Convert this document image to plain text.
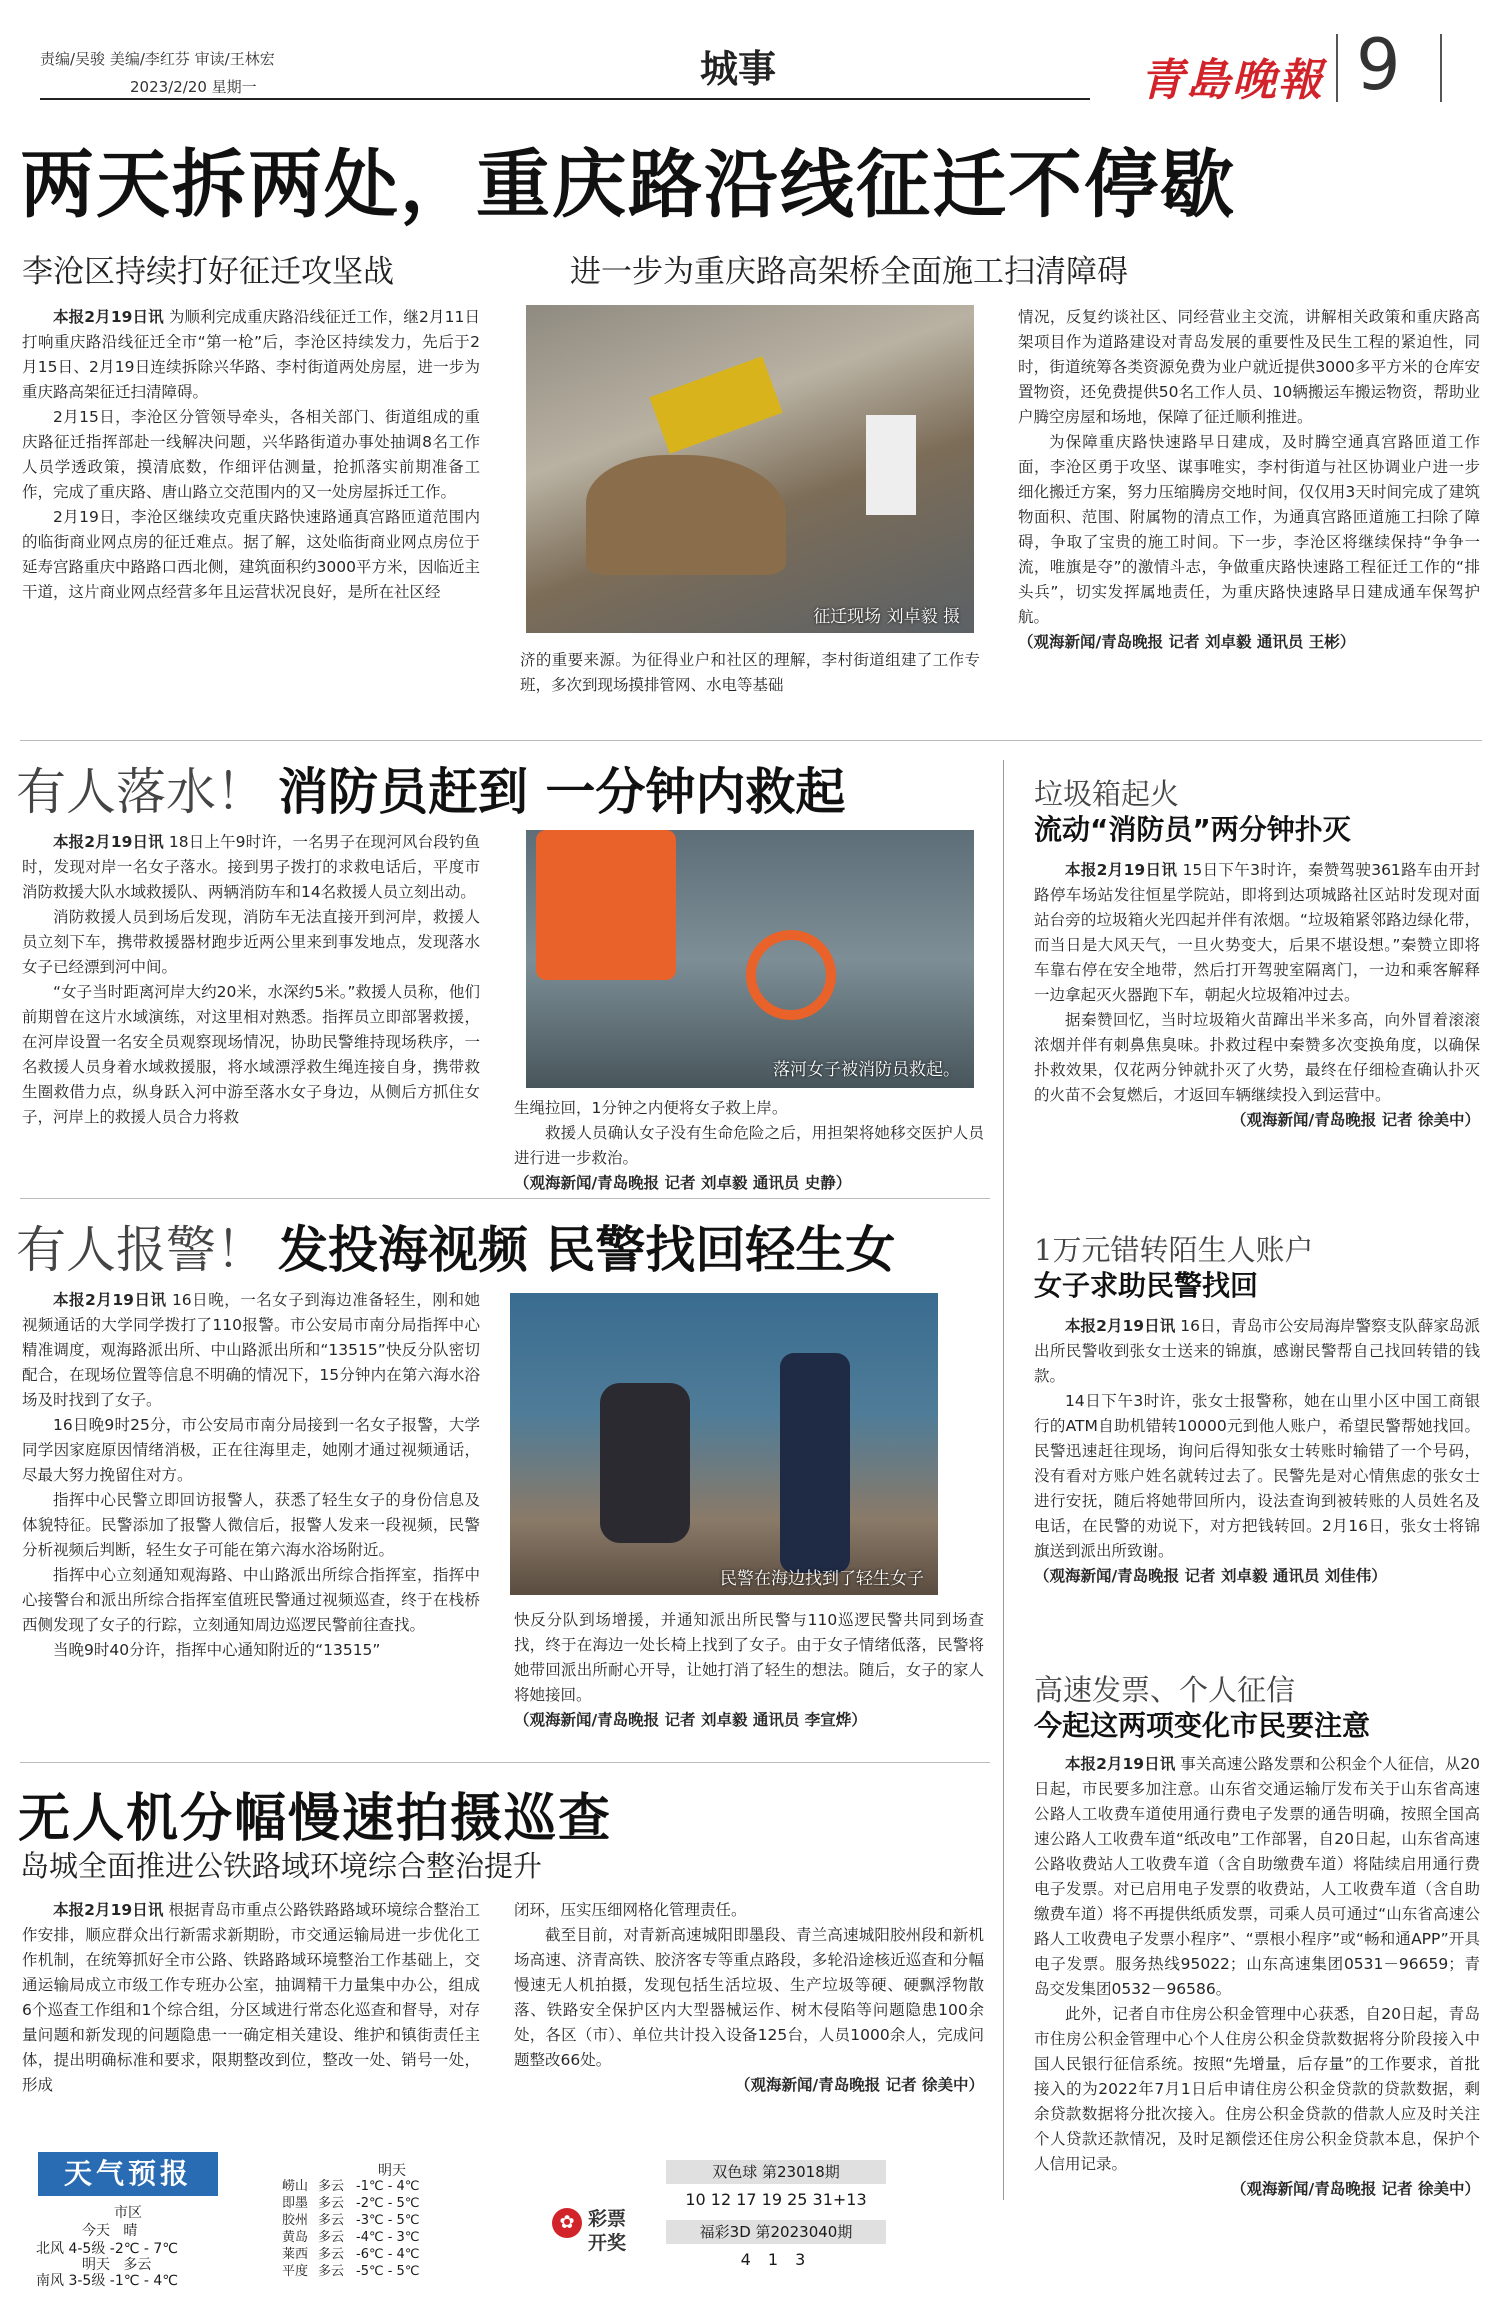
责编/吴骏 美编/李红芬 审读/王林宏
2023/2/20 星期一	城事	青島晚報 9
两天拆两处，重庆路沿线征迁不停歇
李沧区持续打好征迁攻坚战	进一步为重庆路高架桥全面施工扫清障碍

本报2月19日讯 为顺利完成重庆路沿线征迁工作，继2月11日打响重庆路沿线征迁全市“第一枪”后，李沧区持续发力，先后于2月15日、2月19日连续拆除兴华路、李村街道两处房屋，进一步为重庆路高架征迁扫清障碍。

2月15日，李沧区分管领导牵头，各相关部门、街道组成的重庆路征迁指挥部赴一线解决问题，兴华路街道办事处抽调8名工作人员学透政策，摸清底数，作细评估测量，抢抓落实前期准备工作，完成了重庆路、唐山路立交范围内的又一处房屋拆迁工作。

2月19日，李沧区继续攻克重庆路快速路通真宫路匝道范围内的临街商业网点房的征迁难点。据了解，这处临街商业网点房位于延寿宫路重庆中路路口西北侧，建筑面积约3000平方米，因临近主干道，这片商业网点经营多年且运营状况良好，是所在社区经

征迁现场 刘卓毅 摄

济的重要来源。为征得业户和社区的理解，李村街道组建了工作专班，多次到现场摸排管网、水电等基础

情况，反复约谈社区、同经营业主交流，讲解相关政策和重庆路高架项目作为道路建设对青岛发展的重要性及民生工程的紧迫性，同时，街道统筹各类资源免费为业户就近提供3000多平方米的仓库安置物资，还免费提供50名工作人员、10辆搬运车搬运物资，帮助业户腾空房屋和场地，保障了征迁顺利推进。

为保障重庆路快速路早日建成，及时腾空通真宫路匝道工作面，李沧区勇于攻坚、谋事唯实，李村街道与社区协调业户进一步细化搬迁方案，努力压缩腾房交地时间，仅仅用3天时间完成了建筑物面积、范围、附属物的清点工作，为通真宫路匝道施工扫除了障碍，争取了宝贵的施工时间。下一步，李沧区将继续保持“争争一流，唯旗是夺”的激情斗志，争做重庆路快速路工程征迁工作的“排头兵”，切实发挥属地责任，为重庆路快速路早日建成通车保驾护航。

（观海新闻/青岛晚报 记者 刘卓毅 通讯员 王彬）
有人落水！ 消防员赶到 一分钟内救起

本报2月19日讯 18日上午9时许，一名男子在现河风台段钓鱼时，发现对岸一名女子落水。接到男子拨打的求救电话后，平度市消防救援大队水域救援队、两辆消防车和14名救援人员立刻出动。

消防救援人员到场后发现，消防车无法直接开到河岸，救援人员立刻下车，携带救援器材跑步近两公里来到事发地点，发现落水女子已经漂到河中间。

“女子当时距离河岸大约20米，水深约5米。”救援人员称，他们前期曾在这片水域演练，对这里相对熟悉。指挥员立即部署救援，在河岸设置一名安全员观察现场情况，协助民警维持现场秩序，一名救援人员身着水域救援服，将水域漂浮救生绳连接自身，携带救生圈救借力点，纵身跃入河中游至落水女子身边，从侧后方抓住女子，河岸上的救援人员合力将救

落河女子被消防员救起。

生绳拉回，1分钟之内便将女子救上岸。

救援人员确认女子没有生命危险之后，用担架将她移交医护人员进行进一步救治。

（观海新闻/青岛晚报 记者 刘卓毅 通讯员 史静）
垃圾箱起火
流动“消防员”两分钟扑灭

本报2月19日讯 15日下午3时许，秦赞驾驶361路车由开封路停车场站发往恒星学院站，即将到达项城路社区站时发现对面站台旁的垃圾箱火光四起并伴有浓烟。“垃圾箱紧邻路边绿化带，而当日是大风天气，一旦火势变大，后果不堪设想。”秦赞立即将车靠右停在安全地带，然后打开驾驶室隔离门，一边和乘客解释一边拿起灭火器跑下车，朝起火垃圾箱冲过去。

据秦赞回忆，当时垃圾箱火苗蹿出半米多高，向外冒着滚滚浓烟并伴有刺鼻焦臭味。扑救过程中秦赞多次变换角度，以确保扑救效果，仅花两分钟就扑灭了火势，最终在仔细检查确认扑灭的火苗不会复燃后，才返回车辆继续投入到运营中。

（观海新闻/青岛晚报 记者 徐美中）
有人报警！ 发投海视频 民警找回轻生女

本报2月19日讯 16日晚，一名女子到海边准备轻生，刚和她视频通话的大学同学拨打了110报警。市公安局市南分局指挥中心精准调度，观海路派出所、中山路派出所和“13515”快反分队密切配合，在现场位置等信息不明确的情况下，15分钟内在第六海水浴场及时找到了女子。

16日晚9时25分，市公安局市南分局接到一名女子报警，大学同学因家庭原因情绪消极，正在往海里走，她刚才通过视频通话，尽最大努力挽留住对方。

指挥中心民警立即回访报警人，获悉了轻生女子的身份信息及体貌特征。民警添加了报警人微信后，报警人发来一段视频，民警分析视频后判断，轻生女子可能在第六海水浴场附近。

指挥中心立刻通知观海路、中山路派出所综合指挥室，指挥中心接警台和派出所综合指挥室值班民警通过视频巡查，终于在栈桥西侧发现了女子的行踪，立刻通知周边巡逻民警前往查找。

当晚9时40分许，指挥中心通知附近的“13515”

民警在海边找到了轻生女子

快反分队到场增援，并通知派出所民警与110巡逻民警共同到场查找，终于在海边一处长椅上找到了女子。由于女子情绪低落，民警将她带回派出所耐心开导，让她打消了轻生的想法。随后，女子的家人将她接回。

（观海新闻/青岛晚报 记者 刘卓毅 通讯员 李宣烨）
1万元错转陌生人账户
女子求助民警找回

本报2月19日讯 16日，青岛市公安局海岸警察支队薛家岛派出所民警收到张女士送来的锦旗，感谢民警帮自己找回转错的钱款。

14日下午3时许，张女士报警称，她在山里小区中国工商银行的ATM自助机错转10000元到他人账户，希望民警帮她找回。民警迅速赶往现场，询问后得知张女士转账时输错了一个号码，没有看对方账户姓名就转过去了。民警先是对心情焦虑的张女士进行安抚，随后将她带回所内，设法查询到被转账的人员姓名及电话，在民警的劝说下，对方把钱转回。2月16日，张女士将锦旗送到派出所致谢。

（观海新闻/青岛晚报 记者 刘卓毅 通讯员 刘佳伟）
无人机分幅慢速拍摄巡查
岛城全面推进公铁路域环境综合整治提升

本报2月19日讯 根据青岛市重点公路铁路路域环境综合整治工作安排，顺应群众出行新需求新期盼，市交通运输局进一步优化工作机制，在统筹抓好全市公路、铁路路域环境整治工作基础上，交通运输局成立市级工作专班办公室，抽调精干力量集中办公，组成6个巡查工作组和1个综合组，分区域进行常态化巡查和督导，对存量问题和新发现的问题隐患一一确定相关建设、维护和镇街责任主体，提出明确标准和要求，限期整改到位，整改一处、销号一处，形成

闭环，压实压细网格化管理责任。

截至目前，对青新高速城阳即墨段、青兰高速城阳胶州段和新机场高速、济青高铁、胶济客专等重点路段，多轮沿途核近巡查和分幅慢速无人机拍摄，发现包括生活垃圾、生产垃圾等硬、硬飘浮物散落、铁路安全保护区内大型器械运作、树木侵陷等问题隐患100余处，各区（市）、单位共计投入设备125台，人员1000余人，完成问题整改66处。

（观海新闻/青岛晚报 记者 徐美中）
高速发票、个人征信
今起这两项变化市民要注意

本报2月19日讯 事关高速公路发票和公积金个人征信，从20日起，市民要多加注意。山东省交通运输厅发布关于山东省高速公路人工收费车道使用通行费电子发票的通告明确，按照全国高速公路人工收费车道“纸改电”工作部署，自20日起，山东省高速公路收费站人工收费车道（含自助缴费车道）将陆续启用通行费电子发票。对已启用电子发票的收费站，人工收费车道（含自助缴费车道）将不再提供纸质发票，司乘人员可通过“山东省高速公路人工收费电子发票小程序”、“票根小程序”或“畅和通APP”开具电子发票。服务热线95022；山东高速集团0531－96659；青岛交发集团0532－96586。

此外，记者自市住房公积金管理中心获悉，自20日起，青岛市住房公积金管理中心个人住房公积金贷款数据将分阶段接入中国人民银行征信系统。按照“先增量，后存量”的工作要求，首批接入的为2022年7月1日后申请住房公积金贷款的贷款数据，剩余贷款数据将分批次接入。住房公积金贷款的借款人应及时关注个人贷款还款情况，及时足额偿还住房公积金贷款本息，保护个人信用记录。

（观海新闻/青岛晚报 记者 徐美中）
天气预报
市区
今天 晴
北风 4-5级 -2℃ - 7℃
明天 多云
南风 3-5级 -1℃ - 4℃
明天
崂山 多云 -1℃ - 4℃
即墨 多云 -2℃ - 5℃
胶州 多云 -3℃ - 5℃
黄岛 多云 -4℃ - 3℃
莱西 多云 -6℃ - 4℃
平度 多云 -5℃ - 5℃
✿ 彩票
开奖
双色球 第23018期
10 12 17 19 25 31+13
福彩3D 第2023040期
4 1 3
